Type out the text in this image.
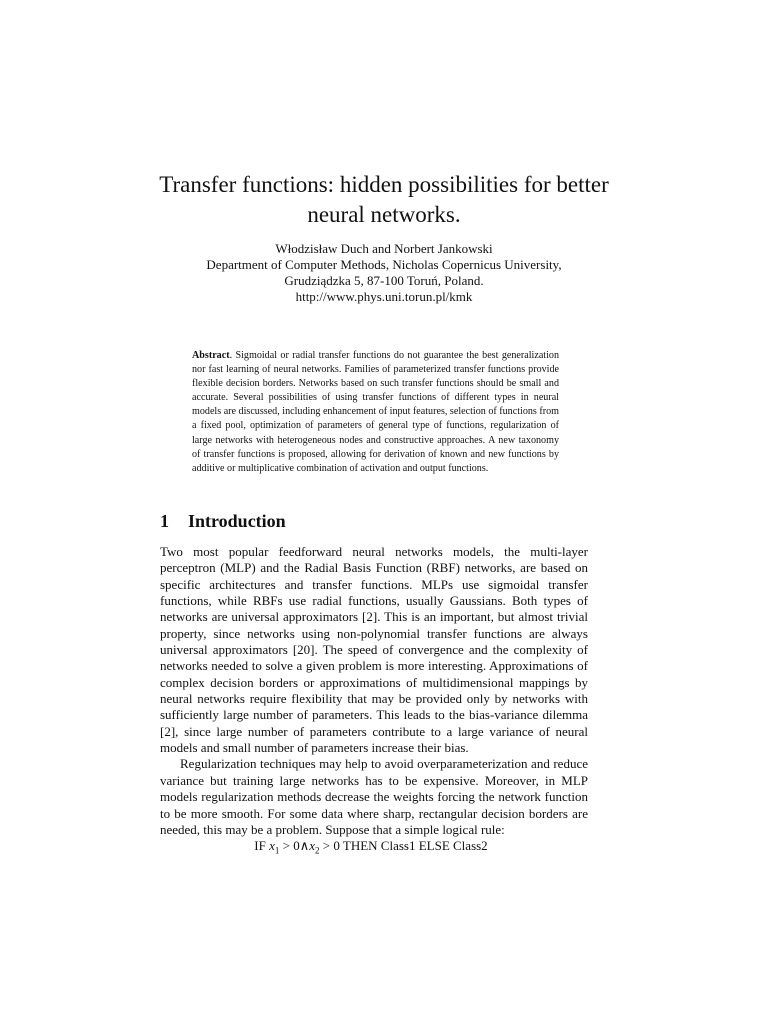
Transfer functions: hidden possibilities for better neural networks.
Włodzisław Duch and Norbert Jankowski
Department of Computer Methods, Nicholas Copernicus University,
Grudziądzka 5, 87-100 Toruń, Poland.
http://www.phys.uni.torun.pl/kmk
Abstract. Sigmoidal or radial transfer functions do not guarantee the best generalization nor fast learning of neural networks. Families of parameterized transfer functions provide flexible decision borders. Networks based on such transfer functions should be small and accurate. Several possibilities of using transfer functions of different types in neural models are discussed, including enhancement of input features, selection of functions from a fixed pool, optimization of parameters of general type of functions, regularization of large networks with heterogeneous nodes and constructive approaches. A new taxonomy of transfer functions is proposed, allowing for derivation of known and new functions by additive or multiplicative combination of activation and output functions.
1 Introduction

Two most popular feedforward neural networks models, the multi-layer perceptron (MLP) and the Radial Basis Function (RBF) networks, are based on specific architectures and transfer functions. MLPs use sigmoidal transfer functions, while RBFs use radial functions, usually Gaussians. Both types of networks are universal approximators [2]. This is an important, but almost trivial property, since networks using non-polynomial transfer functions are always universal approximators [20]. The speed of convergence and the complexity of networks needed to solve a given problem is more interesting. Approximations of complex decision borders or approximations of multidimensional mappings by neural networks require flexibility that may be provided only by networks with sufficiently large number of parameters. This leads to the bias-variance dilemma [2], since large number of parameters contribute to a large variance of neural models and small number of parameters increase their bias.

Regularization techniques may help to avoid overparameterization and reduce variance but training large networks has to be expensive. Moreover, in MLP models regularization methods decrease the weights forcing the network function to be more smooth. For some data where sharp, rectangular decision borders are needed, this may be a problem. Suppose that a simple logical rule:

IF $x_1$ > $0\wedge x_2 > 0$ THEN Class1 ELSE Class2
